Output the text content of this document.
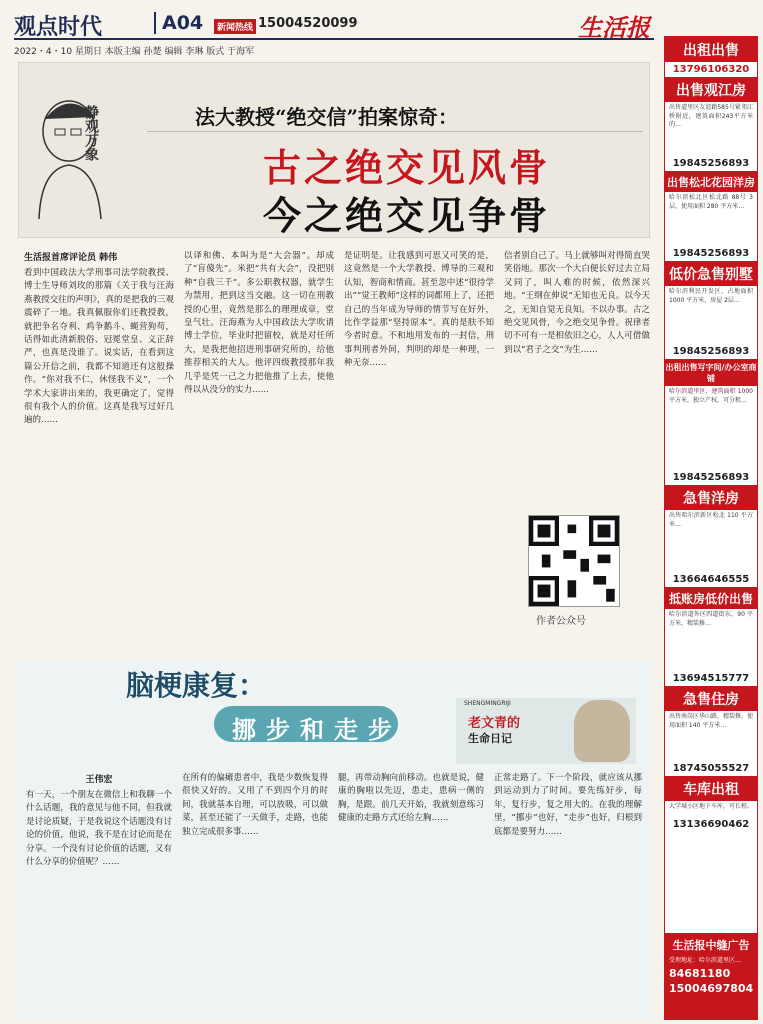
观点时代	A04	新闻热线 15004520099	生活报
2022・4・10 星期日 本版主编 孙楚 编辑 李琳 版式 于海军
静观万象	法大教授“绝交信”拍案惊奇：
古之绝交见风骨
今之绝交见争骨
生活报首席评论员 韩伟
看到中国政法大学刑事司法学院教授、博士生导师刘玫的那篇《关于我与汪海燕教授交往的声明》，真的是把我的三观震碎了一地。我真佩服你们还教授教，就把争名夺利、鸡争鹅斗、蝇营狗苟，话得如此清新脱俗、冠冕堂皇、义正辞严，也真是没谁了。说实话，在看到这篇公开信之前，我都不知道还有这般操作。“你对我不仁，休怪我不义”，一个学术大家讲出来的，我更确定了，觉得很有我个人的价值。这真是我写过好几遍的……
以译和佛、本叫为是“大会器”。却成了“盲傻先”。米把“共有大会”，没把别种“自我三千”。多公职教权器，就学生为禁用，把到这当交融。这一切在刑教授的心里，竟然是那么的理理成章，堂皇气壮。汪海燕为人中国政法大学吹请博士学位，毕业时把留校，就是对任所大，是我把他招进刑事研究所的，给他推荐相关的大人。他评四级教授那年我几乎是凭一己之力把他推了上去，使他得以从没分的实力……
是证明是。让我感到可思又可笑的是，这竟然是一个大学教授、博导的三观和认知，智商和情商。甚至忽中述“很待学出”“觉王教师”这样的词都用上了，还把自己的当年成为导师的情节写在好外，比作学益那“坚持原本”。真的是肤不知今者时意。不和地用发布的一封信，刑事判刑者外间，判明的却是一种理，一种无奈……
信者别自己了。马上就够叫对得简直哭笑俗地。那次一个大白便长好过去立局又同了，叫人难的时候，依然深兴地。“王纲在伸说”无知也无良。以今天之，无知自觉无良知。不以办事。古之绝交见风骨，今之绝交见争骨。祝律者切不可有一是相依旧之心，人人可借做到以“君子之交”为生……
作者公众号
脑梗康复：
挪步和走步
SHENGMINGRIJI
老文青的
生命日记
王伟宏
有一天，一个朋友在微信上和我聊一个什么话题，我的意见与他不同，但我就是讨论质疑，于是我说这个话题没有讨论的价值，他说，我不是在讨论而是在分享。一个没有讨论价值的话题，又有什么分享的价值呢？……
在所有的偏瘫患者中，我是少数恢复得很快又好的。又用了不到四个月的时间，我就基本自理，可以放吸，可以做菜，甚至还能了一天做手，走路，也能独立完成很多事……
腿，再带动胸向前移动。也就是说，健康的胸啦以先迈，患走，患病一侧的胸，是跟。前几天开始，我就刻意练习健康的走路方式还给左胸……
正常走路了。下一个阶段，就应该从挪到运动到力了时间。要先练好步，每年，复行步，复之用大的。在我的理解里，“挪步”也好，“走步”也好，归根到底都是要努力……
出租出售
13796106320
出售观江房
出售道里区友谊路585号紧邻江桥附近，建筑面积243平方米的…
19845256893
出售松北花园洋房
哈尔滨松北区松北路 88号 3层，使用面积 280 平方米…
19845256893
低价急售别墅
哈尔滨利民开发区，占地面积 1000 平方米，房屋 2层…
19845256893
出租出售写字间/办公室商铺
哈尔滨道里区，建筑面积 1000 平方米，独立产权，可分租…
19845256893
急售洋房
出售哈尔滨新区松北 110 平方米…
13664646555
抵账房低价出售
哈尔滨道外区四道街东，90 平方米，精装修…
13694515777
急售住房
出售南岗区华山路，精装修，使用面积 140 平方米…
18745055527
车库出租
大学城小区地下车库，可长租。
13136690462
生活报中缝广告
受理地址：哈尔滨道里区…
84681180
15004697804
